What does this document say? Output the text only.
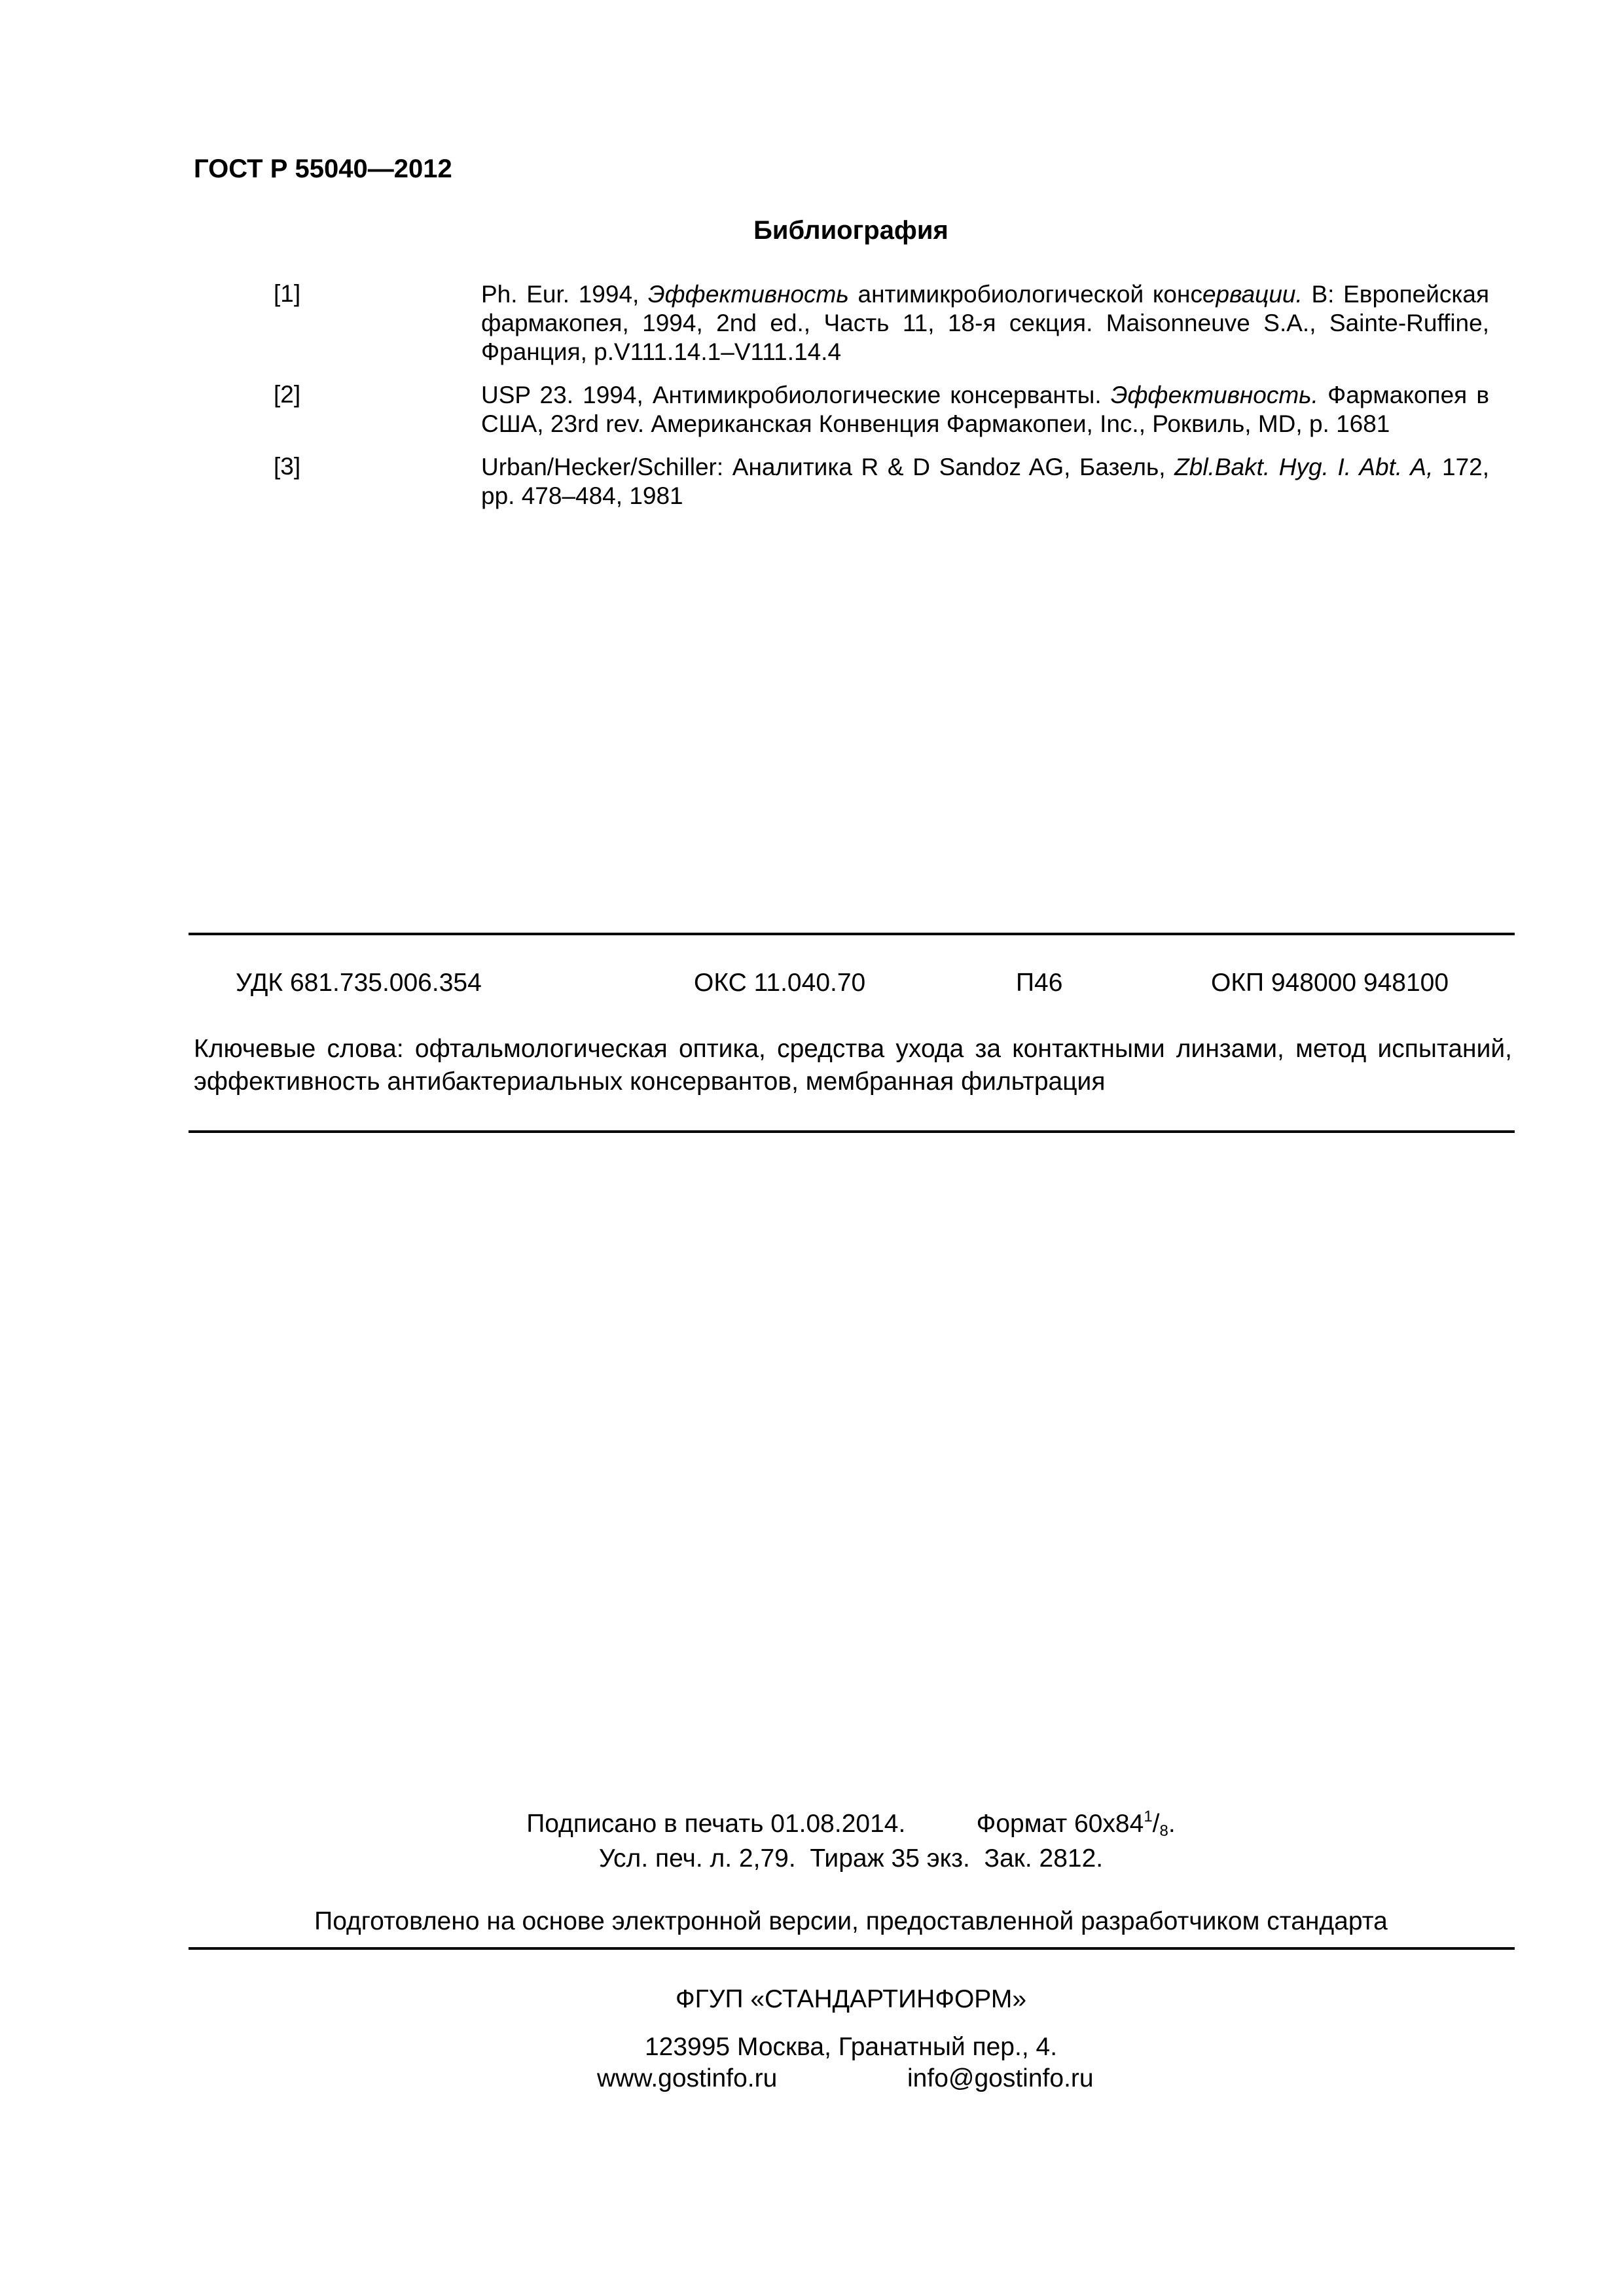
ГОСТ Р 55040—2012
Библиография
[1]	Ph. Eur. 1994, Эффективность антимикробиологической консервации. В: Европейская фармакопея, 1994, 2nd ed., Часть 11, 18-я секция. Maisonneuve S.A., Sainte-Ruffine, Франция, p.V111.14.1–V111.14.4
[2]	USP 23. 1994, Антимикробиологические консерванты. Эффективность. Фармакопея в США, 23rd rev. Американская Конвенция Фармакопеи, Inc., Роквиль, MD, p. 1681
[3]	Urban/Hecker/Schiller: Аналитика R & D Sandoz AG, Базель, Zbl.Bakt. Hyg. I. Abt. A, 172, pp. 478–484, 1981
УДК 681.735.006.354	ОКС 11.040.70	П46	ОКП 948000 948100
Ключевые слова: офтальмологическая оптика, средства ухода за контактными линзами, метод испытаний, эффективность антибактериальных консервантов, мембранная фильтрация
Подписано в печать 01.08.2014.	Формат $60x84^1/_8$.
Усл. печ. л. 2,79.  Тираж 35 экз.  Зак. 2812.
Подготовлено на основе электронной версии, предоставленной разработчиком стандарта
ФГУП «СТАНДАРТИНФОРМ»
123995 Москва, Гранатный пер., 4.
www.gostinfo.ru	info@gostinfo.ru
